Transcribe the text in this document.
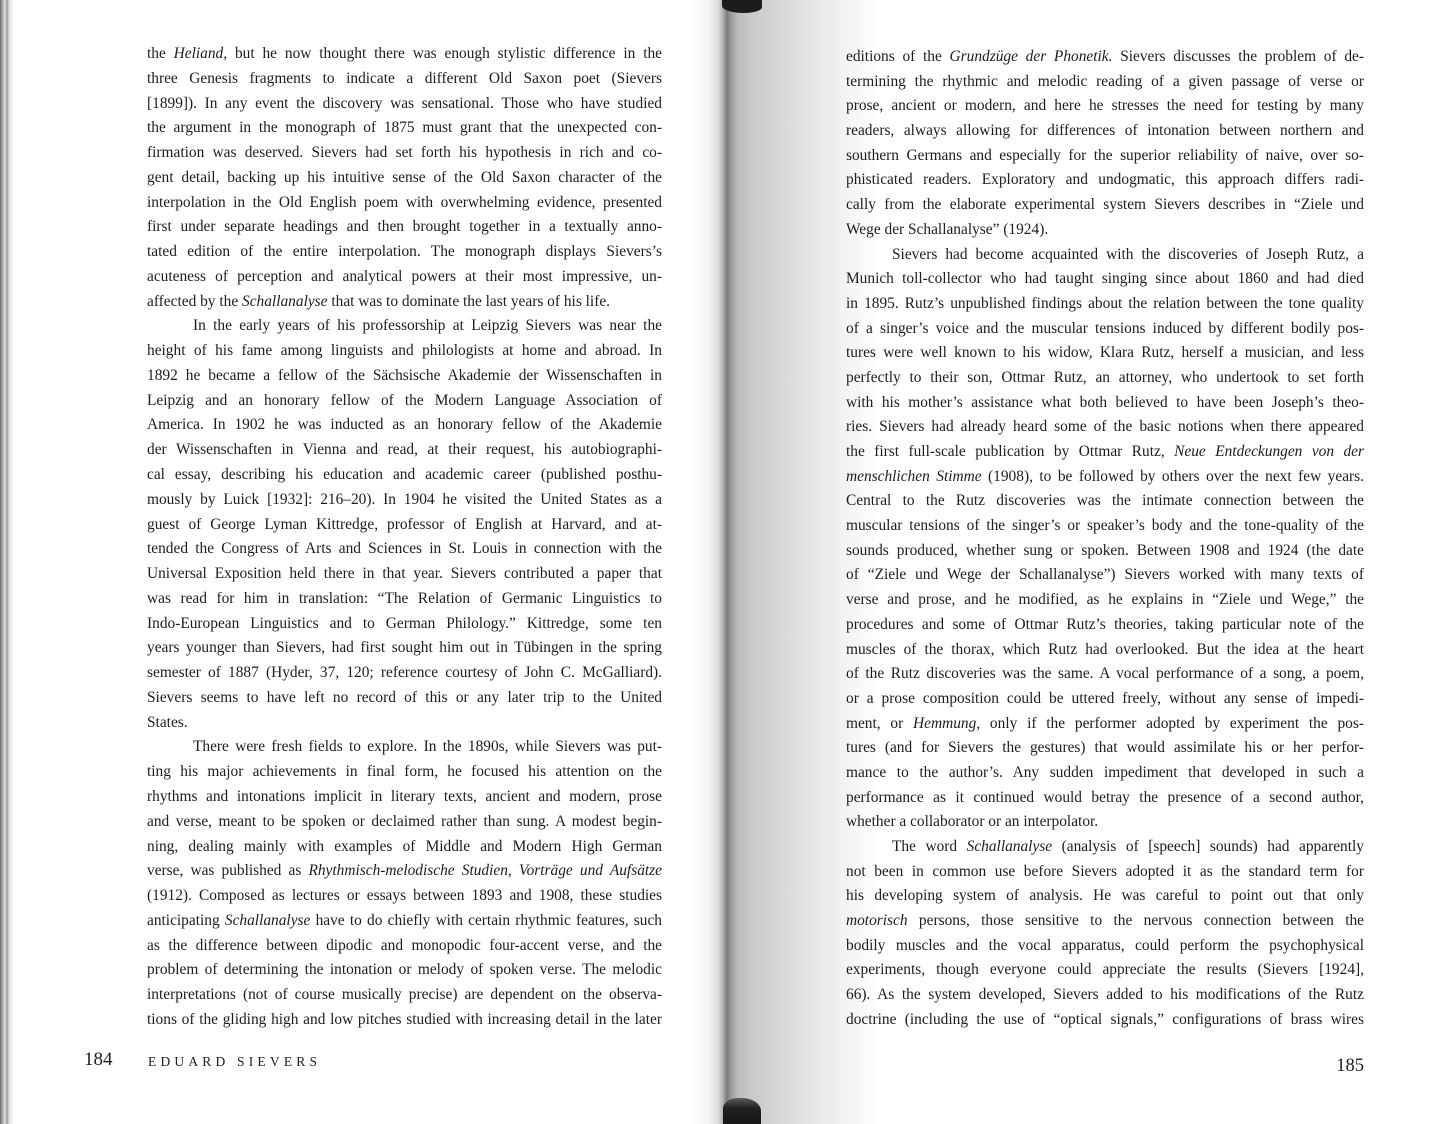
the Heliand, but he now thought there was enough stylistic difference in the
three Genesis fragments to indicate a different Old Saxon poet (Sievers
[1899]). In any event the discovery was sensational. Those who have studied
the argument in the monograph of 1875 must grant that the unexpected con-
firmation was deserved. Sievers had set forth his hypothesis in rich and co-
gent detail, backing up his intuitive sense of the Old Saxon character of the
interpolation in the Old English poem with overwhelming evidence, presented
first under separate headings and then brought together in a textually anno-
tated edition of the entire interpolation. The monograph displays Sievers’s
acuteness of perception and analytical powers at their most impressive, un-
affected by the Schallanalyse that was to dominate the last years of his life.
In the early years of his professorship at Leipzig Sievers was near the
height of his fame among linguists and philologists at home and abroad. In
1892 he became a fellow of the Sächsische Akademie der Wissenschaften in
Leipzig and an honorary fellow of the Modern Language Association of
America. In 1902 he was inducted as an honorary fellow of the Akademie
der Wissenschaften in Vienna and read, at their request, his autobiographi-
cal essay, describing his education and academic career (published posthu-
mously by Luick [1932]: 216–20). In 1904 he visited the United States as a
guest of George Lyman Kittredge, professor of English at Harvard, and at-
tended the Congress of Arts and Sciences in St. Louis in connection with the
Universal Exposition held there in that year. Sievers contributed a paper that
was read for him in translation: “The Relation of Germanic Linguistics to
Indo-European Linguistics and to German Philology.” Kittredge, some ten
years younger than Sievers, had first sought him out in Tübingen in the spring
semester of 1887 (Hyder, 37, 120; reference courtesy of John C. McGalliard).
Sievers seems to have left no record of this or any later trip to the United
States.
There were fresh fields to explore. In the 1890s, while Sievers was put-
ting his major achievements in final form, he focused his attention on the
rhythms and intonations implicit in literary texts, ancient and modern, prose
and verse, meant to be spoken or declaimed rather than sung. A modest begin-
ning, dealing mainly with examples of Middle and Modern High German
verse, was published as Rhythmisch-melodische Studien, Vorträge und Aufsätze
(1912). Composed as lectures or essays between 1893 and 1908, these studies
anticipating Schallanalyse have to do chiefly with certain rhythmic features, such
as the difference between dipodic and monopodic four-accent verse, and the
problem of determining the intonation or melody of spoken verse. The melodic
interpretations (not of course musically precise) are dependent on the observa-
tions of the gliding high and low pitches studied with increasing detail in the later
editions of the Grundzüge der Phonetik. Sievers discusses the problem of de-
termining the rhythmic and melodic reading of a given passage of verse or
prose, ancient or modern, and here he stresses the need for testing by many
readers, always allowing for differences of intonation between northern and
southern Germans and especially for the superior reliability of naive, over so-
phisticated readers. Exploratory and undogmatic, this approach differs radi-
cally from the elaborate experimental system Sievers describes in “Ziele und
Wege der Schallanalyse” (1924).
Sievers had become acquainted with the discoveries of Joseph Rutz, a
Munich toll-collector who had taught singing since about 1860 and had died
in 1895. Rutz’s unpublished findings about the relation between the tone quality
of a singer’s voice and the muscular tensions induced by different bodily pos-
tures were well known to his widow, Klara Rutz, herself a musician, and less
perfectly to their son, Ottmar Rutz, an attorney, who undertook to set forth
with his mother’s assistance what both believed to have been Joseph’s theo-
ries. Sievers had already heard some of the basic notions when there appeared
the first full-scale publication by Ottmar Rutz, Neue Entdeckungen von der
menschlichen Stimme (1908), to be followed by others over the next few years.
Central to the Rutz discoveries was the intimate connection between the
muscular tensions of the singer’s or speaker’s body and the tone-quality of the
sounds produced, whether sung or spoken. Between 1908 and 1924 (the date
of “Ziele und Wege der Schallanalyse”) Sievers worked with many texts of
verse and prose, and he modified, as he explains in “Ziele und Wege,” the
procedures and some of Ottmar Rutz’s theories, taking particular note of the
muscles of the thorax, which Rutz had overlooked. But the idea at the heart
of the Rutz discoveries was the same. A vocal performance of a song, a poem,
or a prose composition could be uttered freely, without any sense of impedi-
ment, or Hemmung, only if the performer adopted by experiment the pos-
tures (and for Sievers the gestures) that would assimilate his or her perfor-
mance to the author’s. Any sudden impediment that developed in such a
performance as it continued would betray the presence of a second author,
whether a collaborator or an interpolator.
The word Schallanalyse (analysis of [speech] sounds) had apparently
not been in common use before Sievers adopted it as the standard term for
his developing system of analysis. He was careful to point out that only
motorisch persons, those sensitive to the nervous connection between the
bodily muscles and the vocal apparatus, could perform the psychophysical
experiments, though everyone could appreciate the results (Sievers [1924],
66). As the system developed, Sievers added to his modifications of the Rutz
doctrine (including the use of “optical signals,” configurations of brass wires
184	EDUARD SIEVERS	185
